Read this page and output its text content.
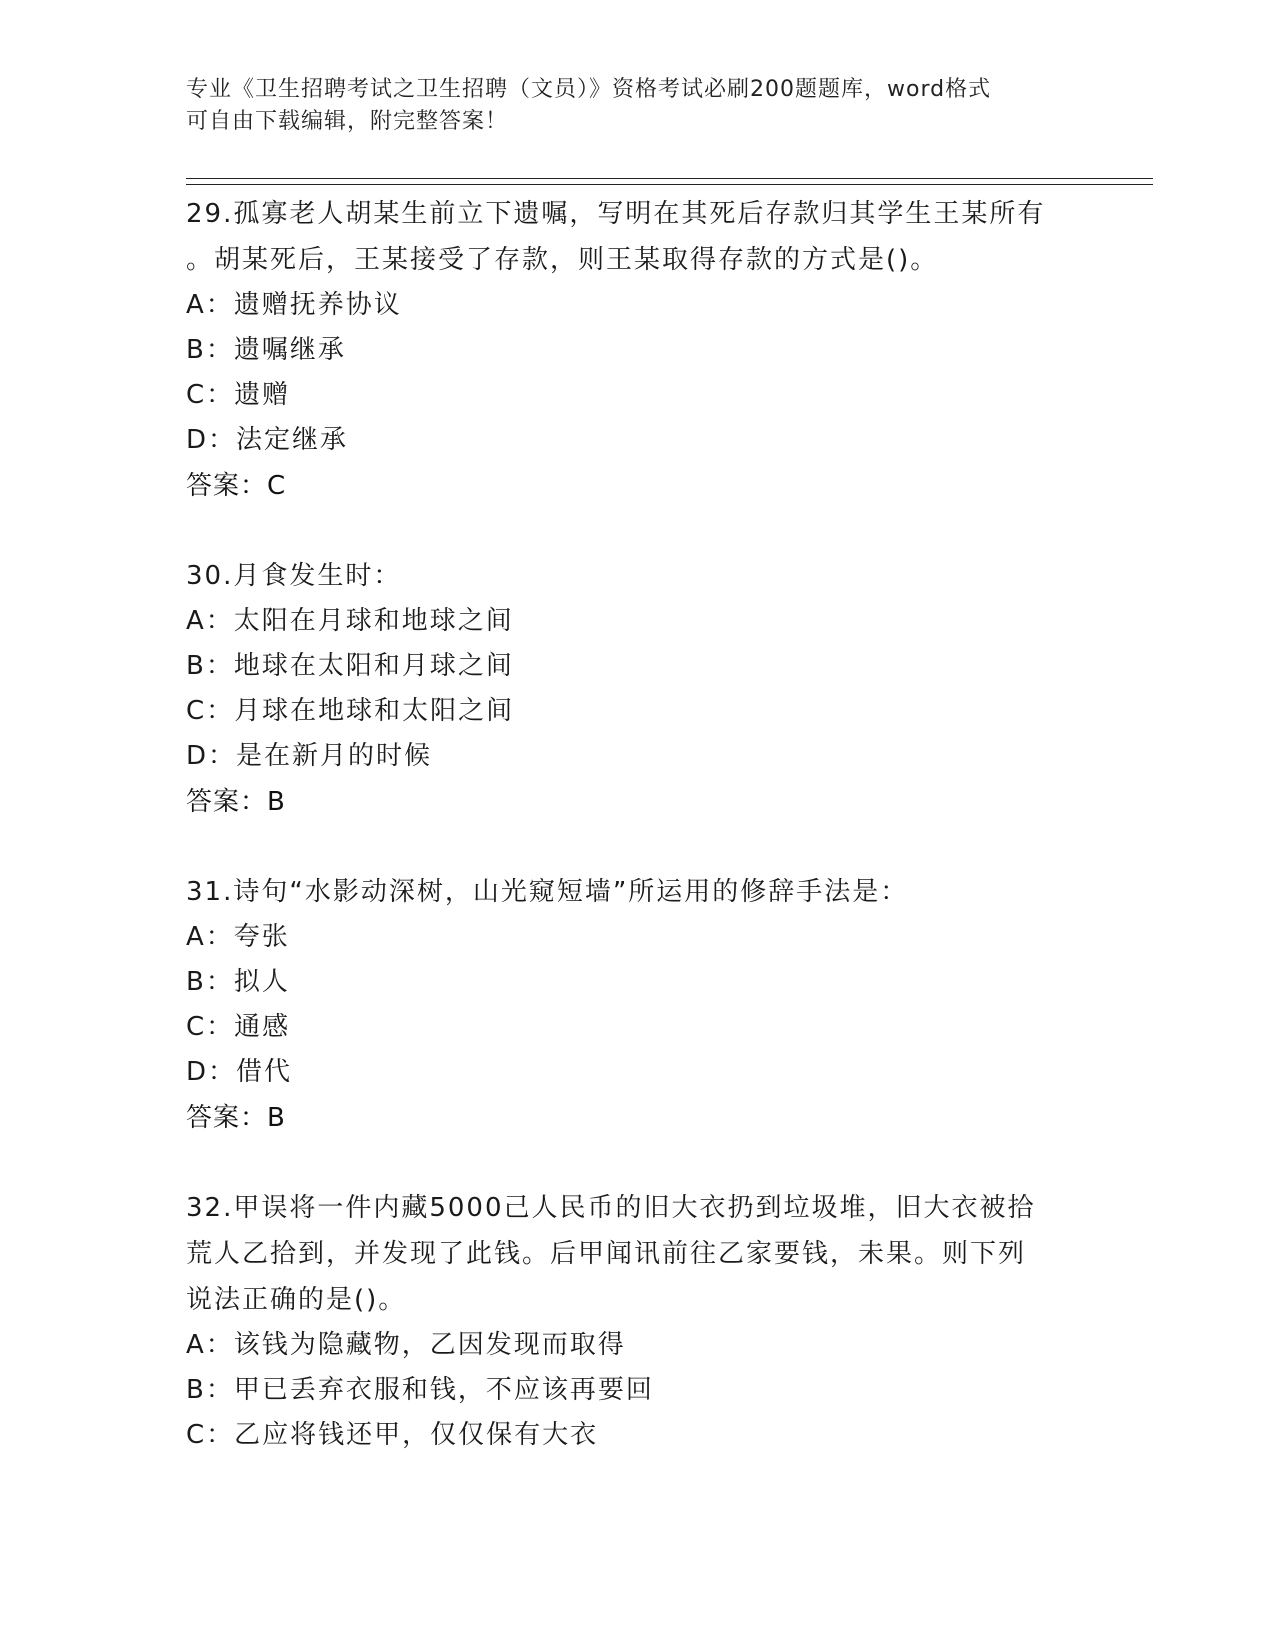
专业《卫生招聘考试之卫生招聘（文员）》资格考试必刷200题题库，word格式
可自由下载编辑，附完整答案！
29.孤寡老人胡某生前立下遗嘱，写明在其死后存款归其学生王某所有
。胡某死后，王某接受了存款，则王某取得存款的方式是()。
A：遗赠抚养协议
B：遗嘱继承
C：遗赠
D：法定继承
答案：C
30.月食发生时：
A：太阳在月球和地球之间
B：地球在太阳和月球之间
C：月球在地球和太阳之间
D：是在新月的时候
答案：B
31.诗句“水影动深树，山光窥短墙”所运用的修辞手法是：
A：夸张
B：拟人
C：通感
D：借代
答案：B
32.甲误将一件内藏5000己人民币的旧大衣扔到垃圾堆，旧大衣被拾
荒人乙拾到，并发现了此钱。后甲闻讯前往乙家要钱，未果。则下列
说法正确的是()。
A：该钱为隐藏物，乙因发现而取得
B：甲已丢弃衣服和钱，不应该再要回
C：乙应将钱还甲，仅仅保有大衣
